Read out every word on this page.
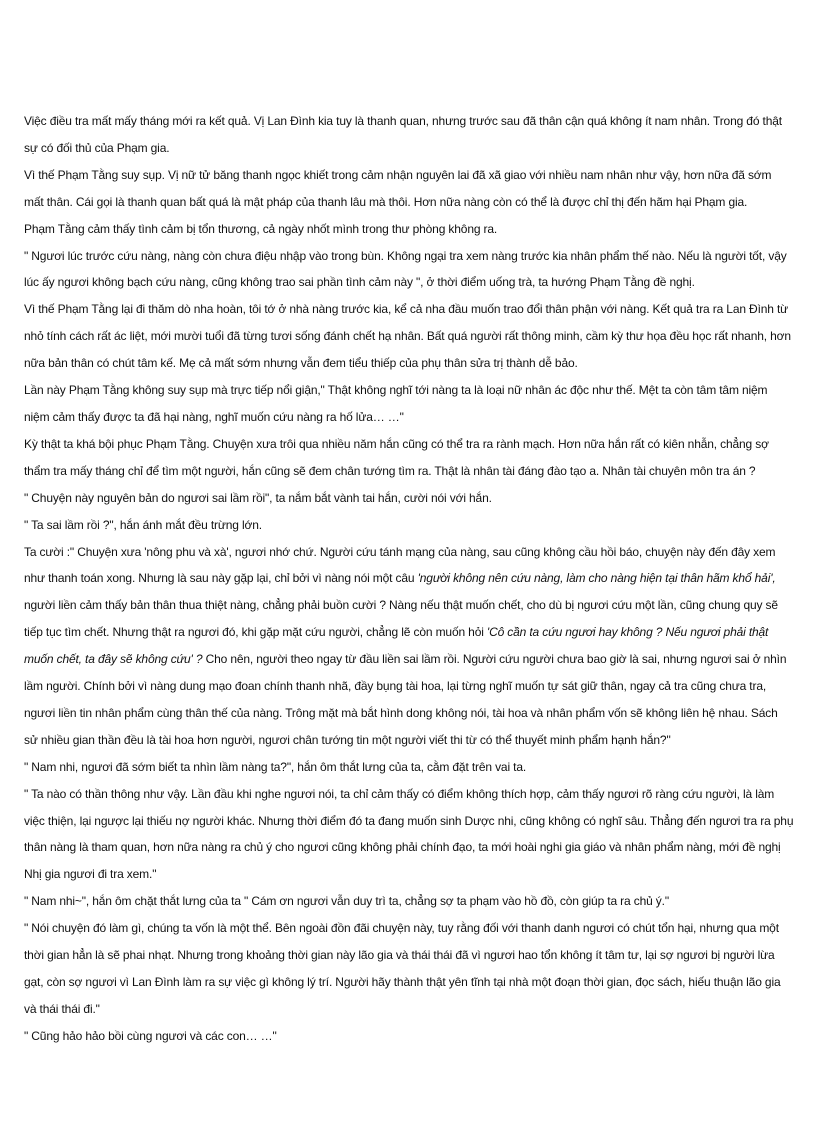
Việc điều tra mất mấy tháng mới ra kết quả. Vị Lan Đình kia tuy là thanh quan, nhưng trước sau đã thân cận quá không ít nam nhân. Trong đó thật sự có đối thủ của Phạm gia.

Vì thế Phạm Tằng suy sụp. Vị nữ tử băng thanh ngọc khiết trong cảm nhận nguyên lai đã xã giao với nhiều nam nhân như vậy, hơn nữa đã sớm mất thân. Cái gọi là thanh quan bất quá là mật pháp của thanh lâu mà thôi. Hơn nữa nàng còn có thể là được chỉ thị đến hãm hại Phạm gia.

Phạm Tằng cảm thấy tình cảm bị tổn thương, cả ngày nhốt mình trong thư phòng không ra.

" Ngươi lúc trước cứu nàng, nàng còn chưa điệu nhập vào trong bùn. Không ngại tra xem nàng trước kia nhân phẩm thế nào. Nếu là người tốt, vậy lúc ấy ngươi không bạch cứu nàng, cũng không trao sai phần tình cảm này ", ở thời điểm uống trà, ta hướng Phạm Tằng đề nghị.

Vì thế Phạm Tằng lại đi thăm dò nha hoàn, tôi tớ ở nhà nàng trước kia, kể cả nha đầu muốn trao đổi thân phận với nàng. Kết quả tra ra Lan Đình từ nhỏ tính cách rất ác liệt, mới mười tuổi đã từng tươi sống đánh chết hạ nhân. Bất quá người rất thông minh, cầm kỳ thư họa đều học rất nhanh, hơn nữa bản thân có chút tâm kế. Mẹ cả mất sớm nhưng vẫn đem tiểu thiếp của phụ thân sửa trị thành dễ bảo.

Lần này Phạm Tằng không suy sụp mà trực tiếp nổi giận," Thật không nghĩ tới nàng ta là loại nữ nhân ác độc như thế. Mệt ta còn tâm tâm niệm niệm cảm thấy được ta đã hại nàng, nghĩ muốn cứu nàng ra hố lửa… …"

Kỳ thật ta khá bội phục Phạm Tằng. Chuyện xưa trôi qua nhiều năm hắn cũng có thể tra ra rành mạch. Hơn nữa hắn rất có kiên nhẫn, chẳng sợ thẩm tra mấy tháng chỉ để tìm một người, hắn cũng sẽ đem chân tướng tìm ra. Thật là nhân tài đáng đào tạo a. Nhân tài chuyên môn tra án ?

" Chuyện này nguyên bản do ngươi sai lầm rồi", ta nắm bắt vành tai hắn, cười nói với hắn.

" Ta sai lầm rồi ?", hắn ánh mắt đều trừng lớn.

Ta cười :" Chuyện xưa 'nông phu và xà', ngươi nhớ chứ. Người cứu tánh mạng của nàng, sau cũng không cầu hồi báo, chuyện này đến đây xem như thanh toán xong. Nhưng là sau này gặp lại, chỉ bởi vì nàng nói một câu 'người không nên cứu nàng, làm cho nàng hiện tại thân hãm khổ hải', người liền cảm thấy bản thân thua thiệt nàng, chẳng phải buồn cười ? Nàng nếu thật muốn chết, cho dù bị ngươi cứu một lần, cũng chung quy sẽ tiếp tục tìm chết. Nhưng thật ra ngươi đó, khi gặp mặt cứu người, chẳng lẽ còn muốn hỏi 'Cô cần ta cứu ngươi hay không ? Nếu ngươi phải thật muốn chết, ta đây sẽ không cứu' ? Cho nên, người theo ngay từ đầu liền sai lầm rồi. Người cứu người chưa bao giờ là sai, nhưng ngươi sai ở nhìn lầm người. Chính bởi vì nàng dung mạo đoan chính thanh nhã, đầy bụng tài hoa, lại từng nghĩ muốn tự sát giữ thân, ngay cả tra cũng chưa tra, ngươi liền tin nhân phẩm cùng thân thế của nàng. Trông mặt mà bắt hình dong không nói, tài hoa và nhân phẩm vốn sẽ không liên hệ nhau. Sách sử nhiều gian thần đều là tài hoa hơn người, ngươi chân tướng tin một người viết thi từ có thể thuyết minh phẩm hạnh hắn?"

" Nam nhi, ngươi đã sớm biết ta nhìn lầm nàng ta?", hắn ôm thắt lưng của ta, cằm đặt trên vai ta.

" Ta nào có thần thông như vậy. Lần đầu khi nghe ngươi nói, ta chỉ cảm thấy có điểm không thích hợp, cảm thấy ngươi rõ ràng cứu người, là làm việc thiện, lại ngược lại thiếu nợ người khác. Nhưng thời điểm đó ta đang muốn sinh Dược nhi, cũng không có nghĩ sâu. Thẳng đến ngươi tra ra phụ thân nàng là tham quan, hơn nữa nàng ra chủ ý cho ngươi cũng không phải chính đạo, ta mới hoài nghi gia giáo và nhân phẩm nàng, mới đề nghị Nhị gia ngươi đi tra xem."

" Nam nhi~", hắn ôm chặt thắt lưng của ta " Cám ơn ngươi vẫn duy trì ta, chẳng sợ ta phạm vào hồ đồ, còn giúp ta ra chủ ý."

" Nói chuyện đó làm gì, chúng ta vốn là một thể. Bên ngoài đồn đãi chuyện này, tuy rằng đối với thanh danh ngươi có chút tổn hại, nhưng qua một thời gian hẳn là sẽ phai nhạt. Nhưng trong khoảng thời gian này lão gia và thái thái đã vì ngươi hao tổn không ít tâm tư, lại sợ ngươi bị người lừa gạt, còn sợ ngươi vì Lan Đình làm ra sự việc gì không lý trí. Người hãy thành thật yên tĩnh tại nhà một đoạn thời gian, đọc sách, hiếu thuận lão gia và thái thái đi."

" Cũng hảo hảo bồi cùng ngươi và các con… …"
